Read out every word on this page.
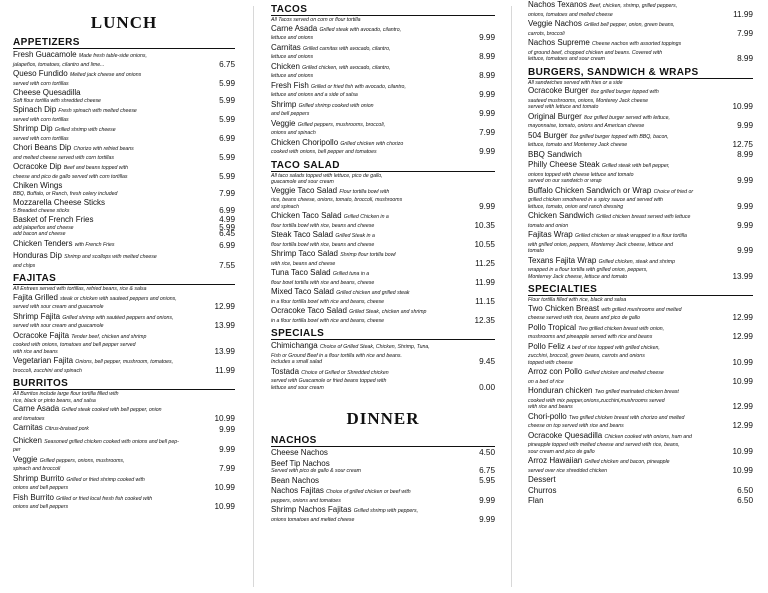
LUNCH
APPETIZERS
Fresh Guacamole Made fresh table-side onions,
jalapeños, tomatoes, cilantro and lime...	6.75
Queso Fundido Melted jack cheese and onions
served with corn tortillas	5.99
Cheese Quesadilla
Soft flour tortilla with shredded cheese	5.99
Spinach Dip Fresh spinach with melted cheese
served with corn tortillas	5.99
Shrimp Dip Grilled shrimp with cheese
served with corn tortillas	6.99
Chori Beans Dip Chorizo with refried beans
and melted cheese served with corn tortillas	5.99
Ocracoke Dip Beef and beans topped with
cheese and pico de gallo served with corn tortillas	5.99
Chiken Wings
BBQ, Buffalo, or Ranch, fresh celery included	7.99
Mozzarella Cheese Sticks
5 Breaded cheese sticks	6.99
Basket of French Fries	4.99
add jalapeños and cheese	5.99
add bacon and cheese	6.45
Chicken Tenders with French Fries	6.99
Honduras Dip Shrimp and scollops with melted cheese
and chips	7.55
FAJITAS
All Entrees served with tortillas, refried beans, rice & salsa
Fajita Grilled steak or chicken with sauteed peppers and onions,
served with sour cream and guacamole	12.99
Shrimp Fajita Grilled shrimp with sautéed peppers and onions,
served with sour cream and guacamole	13.99
Ocracoke Fajita Tender beef, chicken and shrimp
cooked with onions, tomatoes and bell pepper served
with rice and beans	13.99
Vegetarian Fajita Onions, bell pepper, mushroom, tomatoes,
broccoli, zucchini and spinach	11.99
BURRITOS
All Burritos include large flour tortilla filled with
rice, black or pinto beans, and salsa
Carne Asada Grilled steak cooked with bell pepper, onion
and tomatoes	10.99
Carnitas Citrus-braised pork	9.99
Chicken Seasoned grilled chicken cooked with onions and bell pep-
per	9.99
Veggie Grilled peppers, onions, mushrooms,
spinach and broccoli	7.99
Shrimp Burrito Grilled or fried shrimp cooked with
onions and bell peppers	10.99
Fish Burrito Grilled or fried local fresh fish cooked with
onions and bell peppers	10.99
TACOS
All Tacos served on corn or flour tortilla
Carne Asada Grilled steak with avocado, cilantro,
lettuce and onions	9.99
Carnitas Grilled carnitas with avocado, cilantro,
lettuce and onions	8.99
Chicken Grilled chicken, with avocado, cilantro,
lettuce and onions	8.99
Fresh Fish Grilled or fried fish with avocado, cilantro,
lettuce and onions and a side of salsa	9.99
Shrimp Grilled shrimp cooked with onion
and bell peppers	9.99
Veggie Grilled peppers, mushrooms, broccoli,
onions and spinach	7.99
Chicken Choripollo Grilled chicken with chorizo
cooked with onions, bell pepper and tomatoes	9.99
TACO SALAD
All taco salads topped with lettuce, pico de gallo,
guacamole and sour cream
Veggie Taco Salad Flour tortilla bowl with
rice, beans cheese, onions, tomato, broccoli, mushrooms
and spinach	9.99
Chicken Taco Salad Grilled Chicken in a
flour tortilla bowl with rice, beans and cheese	10.35
Steak Taco Salad Grilled Steak in a
flour tortilla bowl with rice, beans and cheese	10.55
Shrimp Taco Salad Shrimp flour tortilla bowl
with rice, beans and cheese	11.25
Tuna Taco Salad Grilled tuna in a
flour bowl tortilla with rice and beans, cheese	11.99
Mixed Taco Salad Grilled chicken and grilled steak
in a flour tortilla bowl with rice and beans, cheese	11.15
Ocracoke Taco Salad Grilled Steak, chicken and shrimp
in a flour tortilla bowl with rice and beans, cheese	12.35
SPECIALS
Chimichanga Choice of Grilled Steak, Chicken, Shrimp, Tuna,
Fish or Ground Beef in a flour tortilla with rice and beans.
Includes a small salad	9.45
Tostada Choice of Grilled or Shredded chicken
served with Guacamole or fried beans topped with
lettuce and sour cream	0.00
DINNER
NACHOS
Cheese Nachos	4.50
Beef Tip Nachos
Served with pico de gallo & sour cream	6.75
Bean Nachos	5.95
Nachos Fajitas Choice of grilled chicken or beef with
peppers, onions and tomatoes	9.99
Shrimp Nachos Fajitas Grilled shrimp with peppers,
onions tomatoes and melted cheese	9.99
Nachos Texanos Beef, chicken, shrimp, grilled peppers,
onions, tomatoes and melted cheese	11.99
Veggie Nachos Grilled bell pepper, onion, green beans,
carrots, broccoli	7.99
Nachos Supreme Cheese nachos with assorted toppings
of ground beef, chopped chicken and beans. Covered with
lettuce, tomatoes and sour cream	8.99
BURGERS, SANDWICH & WRAPS
All sandwiches served with fries or a side
Ocracoke Burger 8oz grilled burger topped with
sauteed mushrooms, onions, Monterey Jack cheese
served with lettuce and tomato	10.99
Original Burger 8oz grilled burger served with lettuce,
mayonnaise, tomato, onions and American cheese	9.99
504 Burger 8oz grilled burger topped with BBQ, bacon,
lettuce, tomato and Monterrey Jack cheese	12.75
BBQ Sandwich	8.99
Philly Cheese Steak Grilled steak with bell pepper,
onions topped with cheese lettuce and tomato
served on our sandwich or wrap	9.99
Buffalo Chicken Sandwich or Wrap Choice of fried or
grilled chicken smothered in a spicy sauce and served with
lettuce, tomato, onion and ranch dressing	9.99
Chicken Sandwich Grilled chicken breast served with lettuce
tomato and onion	9.99
Fajitas Wrap Grilled chicken or steak wrapped in a flour tortilla
with grilled onion, peppers, Monterrey Jack cheese, lettuce and
tomato	9.99
Texans Fajita Wrap Grilled chicken, steak and shrimp
wrapped in a flour tortilla with grilled onion, peppers,
Monterrey Jack cheese, lettuce and tomato	13.99
SPECIALTIES
Flour tortilla filled with rice, black and salsa
Two Chicken Breast with grilled mushrooms and melted
cheese served with rice, beans and pico de gallo	12.99
Pollo Tropical Two grilled chicken breast with onion,
mushrooms and pineapple served with rice and beans	12.99
Pollo Feliz A bed of rice topped with grilled chicken,
zucchini, broccoli, green beans, carrots and onions
topped with cheese	10.99
Arroz con Pollo Grilled chicken and melted cheese
on a bed of rice	10.99
Honduran chicken Two grilled marinated chicken breast
cooked with mix pepper,onions,zucchini,mushrooms served
with rice and beans	12.99
Chori-pollo Two grilled chicken breast with chorizo and melted
cheese on top served with rice and beans	12.99
Ocracoke Quesadilla Chicken cooked with onions, ham and
pineapple topped with melted cheese and served with rice, beans,
sour cream and pico de gallo	10.99
Arroz Hawaiian Grilled chicken and bacon, pineapple
served over rice shredded chicken	10.99
Dessert
Churros	6.50
Flan	6.50
